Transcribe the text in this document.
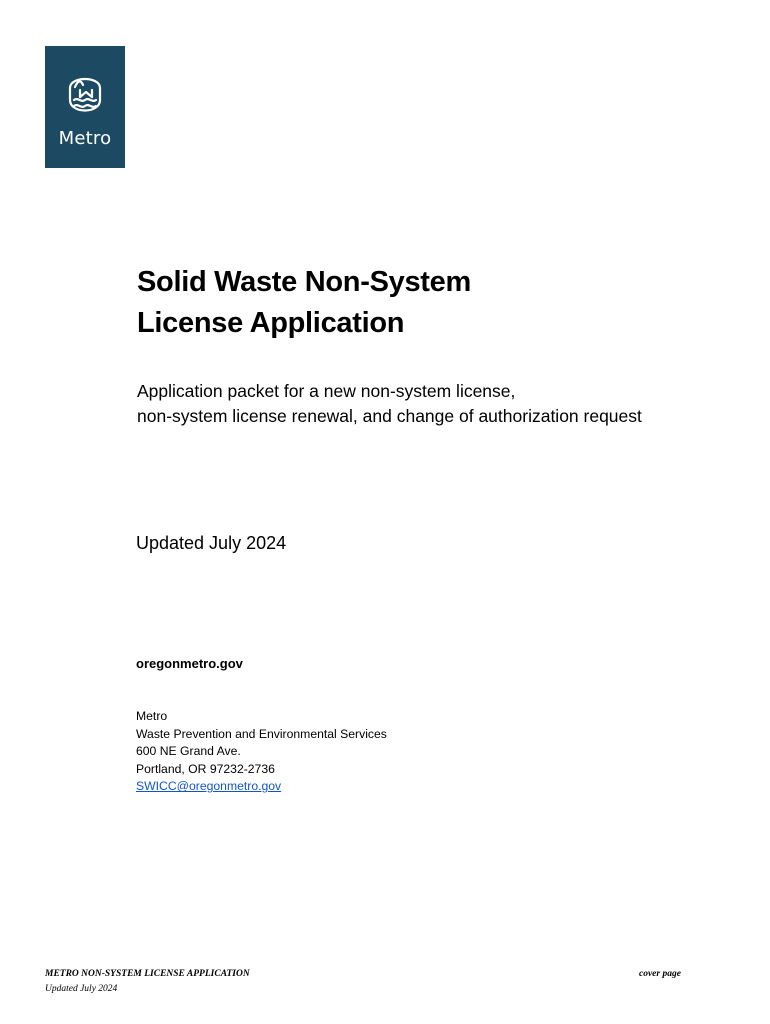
Metro
Solid Waste Non-System
License Application
Application packet for a new non-system license,
non-system license renewal, and change of authorization request
Updated July 2024
oregonmetro.gov
Metro
Waste Prevention and Environmental Services
600 NE Grand Ave.
Portland, OR 97232-2736
SWICC@oregonmetro.gov
METRO NON-SYSTEM LICENSE APPLICATION
Updated July 2024
cover page
